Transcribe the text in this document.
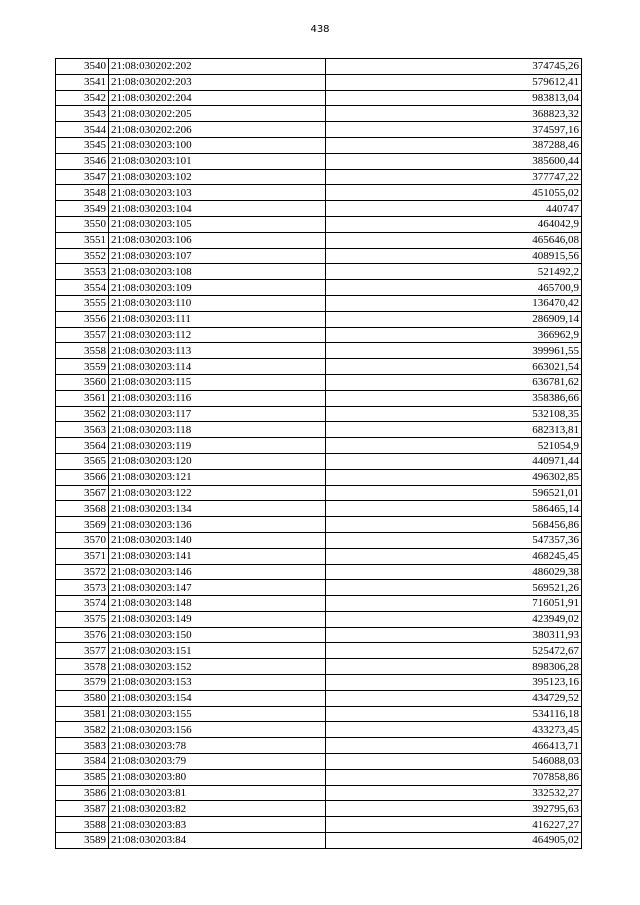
438
3540	21:08:030202:202	374745,26
3541	21:08:030202:203	579612,41
3542	21:08:030202:204	983813,04
3543	21:08:030202:205	368823,32
3544	21:08:030202:206	374597,16
3545	21:08:030203:100	387288,46
3546	21:08:030203:101	385600,44
3547	21:08:030203:102	377747,22
3548	21:08:030203:103	451055,02
3549	21:08:030203:104	440747
3550	21:08:030203:105	464042,9
3551	21:08:030203:106	465646,08
3552	21:08:030203:107	408915,56
3553	21:08:030203:108	521492,2
3554	21:08:030203:109	465700,9
3555	21:08:030203:110	136470,42
3556	21:08:030203:111	286909,14
3557	21:08:030203:112	366962,9
3558	21:08:030203:113	399961,55
3559	21:08:030203:114	663021,54
3560	21:08:030203:115	636781,62
3561	21:08:030203:116	358386,66
3562	21:08:030203:117	532108,35
3563	21:08:030203:118	682313,81
3564	21:08:030203:119	521054,9
3565	21:08:030203:120	440971,44
3566	21:08:030203:121	496302,85
3567	21:08:030203:122	596521,01
3568	21:08:030203:134	586465,14
3569	21:08:030203:136	568456,86
3570	21:08:030203:140	547357,36
3571	21:08:030203:141	468245,45
3572	21:08:030203:146	486029,38
3573	21:08:030203:147	569521,26
3574	21:08:030203:148	716051,91
3575	21:08:030203:149	423949,02
3576	21:08:030203:150	380311,93
3577	21:08:030203:151	525472,67
3578	21:08:030203:152	898306,28
3579	21:08:030203:153	395123,16
3580	21:08:030203:154	434729,52
3581	21:08:030203:155	534116,18
3582	21:08:030203:156	433273,45
3583	21:08:030203:78	466413,71
3584	21:08:030203:79	546088,03
3585	21:08:030203:80	707858,86
3586	21:08:030203:81	332532,27
3587	21:08:030203:82	392795,63
3588	21:08:030203:83	416227,27
3589	21:08:030203:84	464905,02
